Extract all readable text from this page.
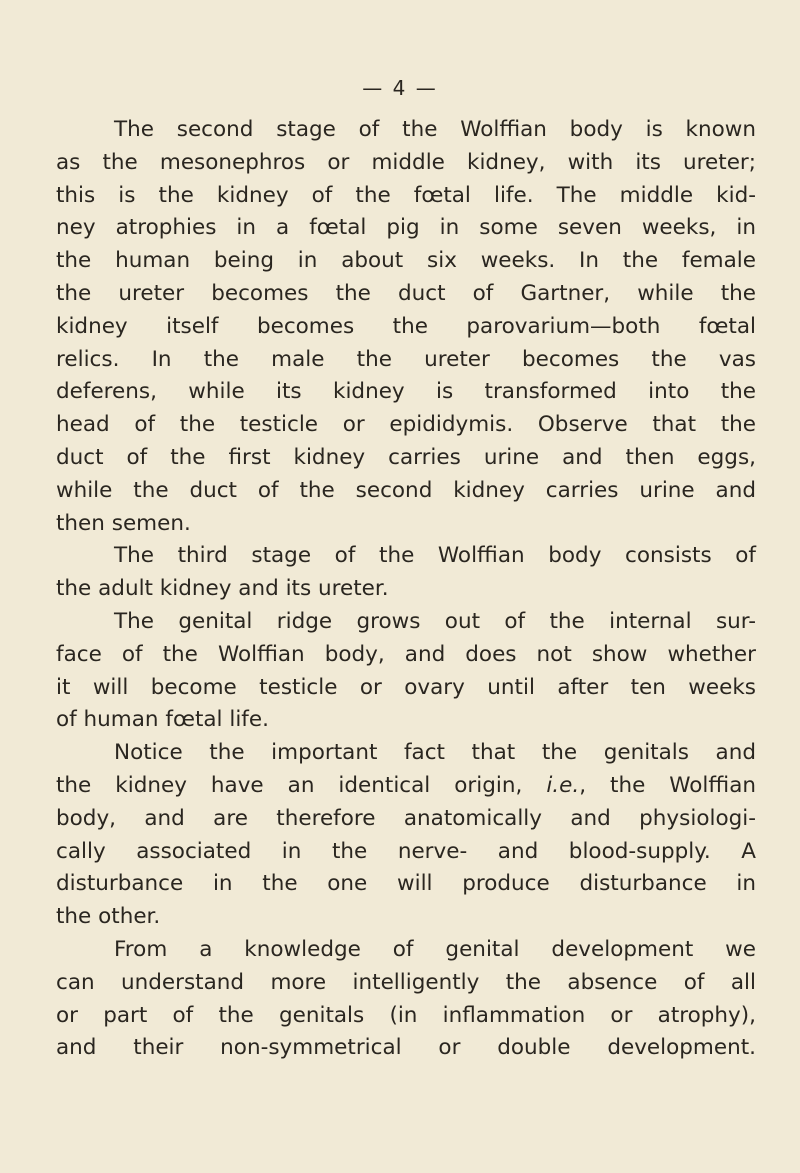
— 4 —
The second stage of the Wolffian body is known
as the mesonephros or middle kidney, with its ureter;
this is the kidney of the fœtal life. The middle kid-
ney atrophies in a fœtal pig in some seven weeks, in
the human being in about six weeks. In the female
the ureter becomes the duct of Gartner, while the
kidney itself becomes the parovarium—both fœtal
relics. In the male the ureter becomes the vas
deferens, while its kidney is transformed into the
head of the testicle or epididymis. Observe that the
duct of the first kidney carries urine and then eggs,
while the duct of the second kidney carries urine and
then semen.
The third stage of the Wolffian body consists of
the adult kidney and its ureter.
The genital ridge grows out of the internal sur-
face of the Wolffian body, and does not show whether
it will become testicle or ovary until after ten weeks
of human fœtal life.
Notice the important fact that the genitals and
the kidney have an identical origin, i.e., the Wolffian
body, and are therefore anatomically and physiologi-
cally associated in the nerve- and blood-supply. A
disturbance in the one will produce disturbance in
the other.
From a knowledge of genital development we
can understand more intelligently the absence of all
or part of the genitals (in inflammation or atrophy),
and their non-symmetrical or double development.
